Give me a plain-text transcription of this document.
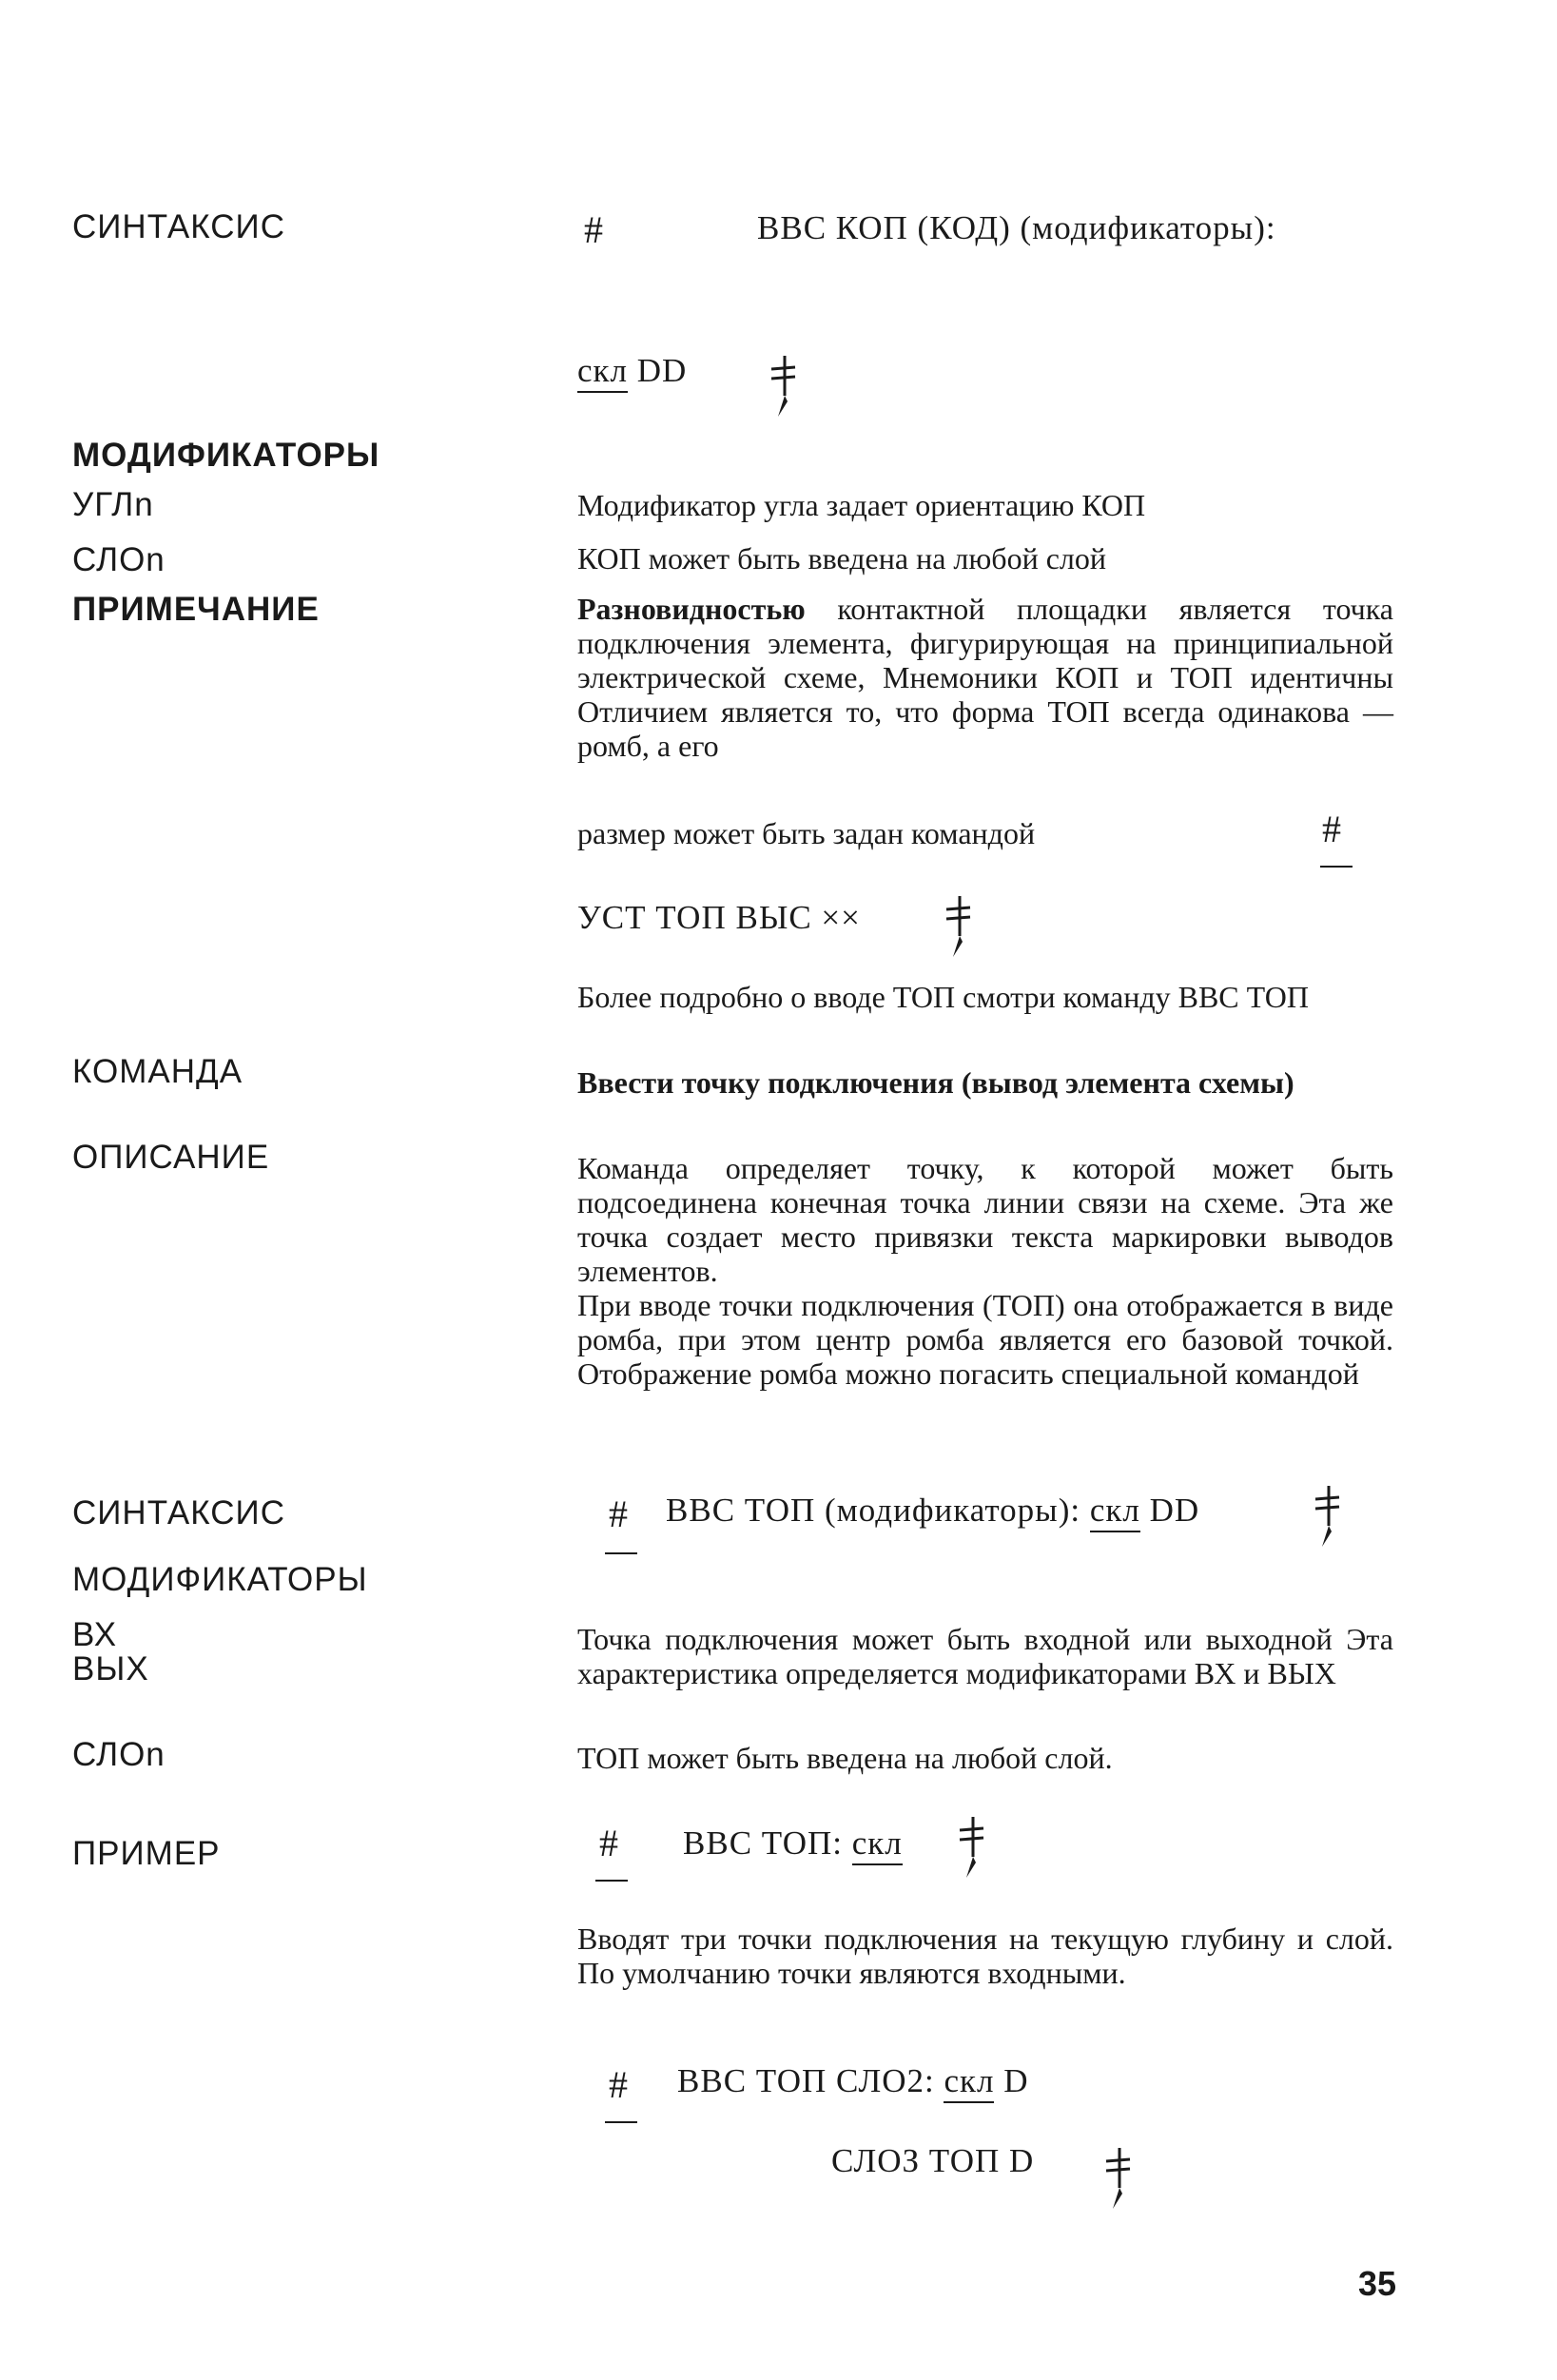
СИНТАКСИС
МОДИФИКАТОРЫ
УГЛn
СЛОn
ПРИМЕЧАНИЕ
КОМАНДА
ОПИСАНИЕ
СИНТАКСИС
МОДИФИКАТОРЫ
ВХ
ВЫХ
СЛОn
ПРИМЕР
#	ВВС КОП (КОД) (модификаторы):
скл DD
Модификатор угла задает ориентацию КОП
КОП может быть введена на любой слой
Разновидностью контактной площадки является точка подключения элемента, фигурирующая на принципиальной электрической схеме, Мнемоники КОП и ТОП идентичны Отличием является то, что форма ТОП всегда одинакова — ромб, а его
размер может быть задан командой	#
УСТ ТОП ВЫС ××
Более подробно о вводе ТОП смотри команду ВВС ТОП
Ввести точку подключения (вывод элемента схемы)
Команда определяет точку, к которой может быть подсоединена конечная точка линии связи на схеме. Эта же точка создает место привязки текста маркировки выводов элементов.
При вводе точки подключения (ТОП) она отображается в виде ромба, при этом центр ромба является его базовой точкой. Отображение ромба можно погасить специальной командой
# ВВС ТОП (модификаторы): скл DD
Точка подключения может быть входной или выходной Эта характеристика определяется модификаторами ВХ и ВЫХ
ТОП может быть введена на любой слой.
# ВВС ТОП: скл
Вводят три точки подключения на текущую глубину и слой. По умолчанию точки являются входными.
# ВВС ТОП СЛО2: скл D
СЛОЗ ТОП D
35
